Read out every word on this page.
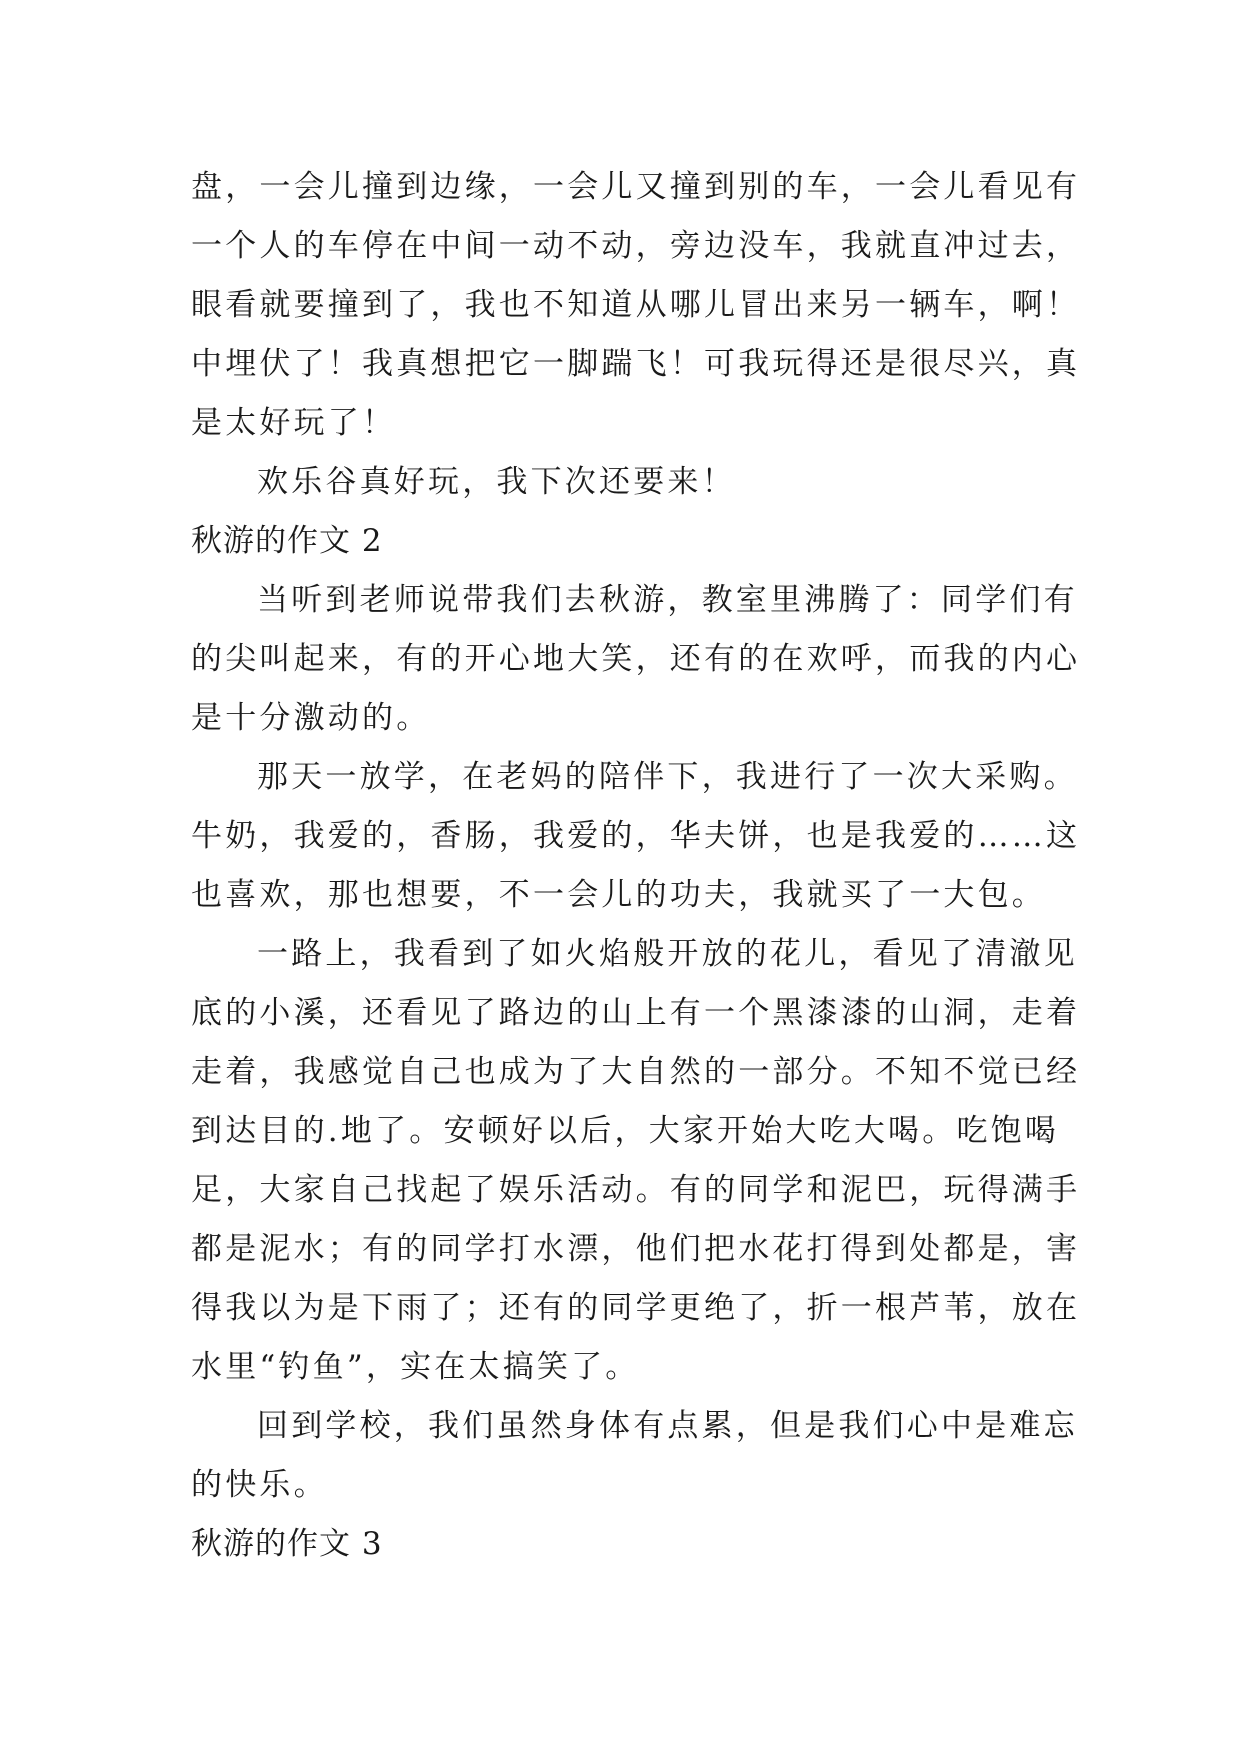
盘，一会儿撞到边缘，一会儿又撞到别的车，一会儿看见有
一个人的车停在中间一动不动，旁边没车，我就直冲过去，
眼看就要撞到了，我也不知道从哪儿冒出来另一辆车，啊！
中埋伏了！我真想把它一脚踹飞！可我玩得还是很尽兴，真
是太好玩了！
欢乐谷真好玩，我下次还要来！
秋游的作文 2
当听到老师说带我们去秋游，教室里沸腾了：同学们有
的尖叫起来，有的开心地大笑，还有的在欢呼，而我的内心
是十分激动的。
那天一放学，在老妈的陪伴下，我进行了一次大采购。
牛奶，我爱的，香肠，我爱的，华夫饼，也是我爱的……这
也喜欢，那也想要，不一会儿的功夫，我就买了一大包。
一路上，我看到了如火焰般开放的花儿，看见了清澈见
底的小溪，还看见了路边的山上有一个黑漆漆的山洞，走着
走着，我感觉自己也成为了大自然的一部分。不知不觉已经
到达目的.地了。安顿好以后，大家开始大吃大喝。吃饱喝
足，大家自己找起了娱乐活动。有的同学和泥巴，玩得满手
都是泥水；有的同学打水漂，他们把水花打得到处都是，害
得我以为是下雨了；还有的同学更绝了，折一根芦苇，放在
水里“钓鱼”，实在太搞笑了。
回到学校，我们虽然身体有点累，但是我们心中是难忘
的快乐。
秋游的作文 3
